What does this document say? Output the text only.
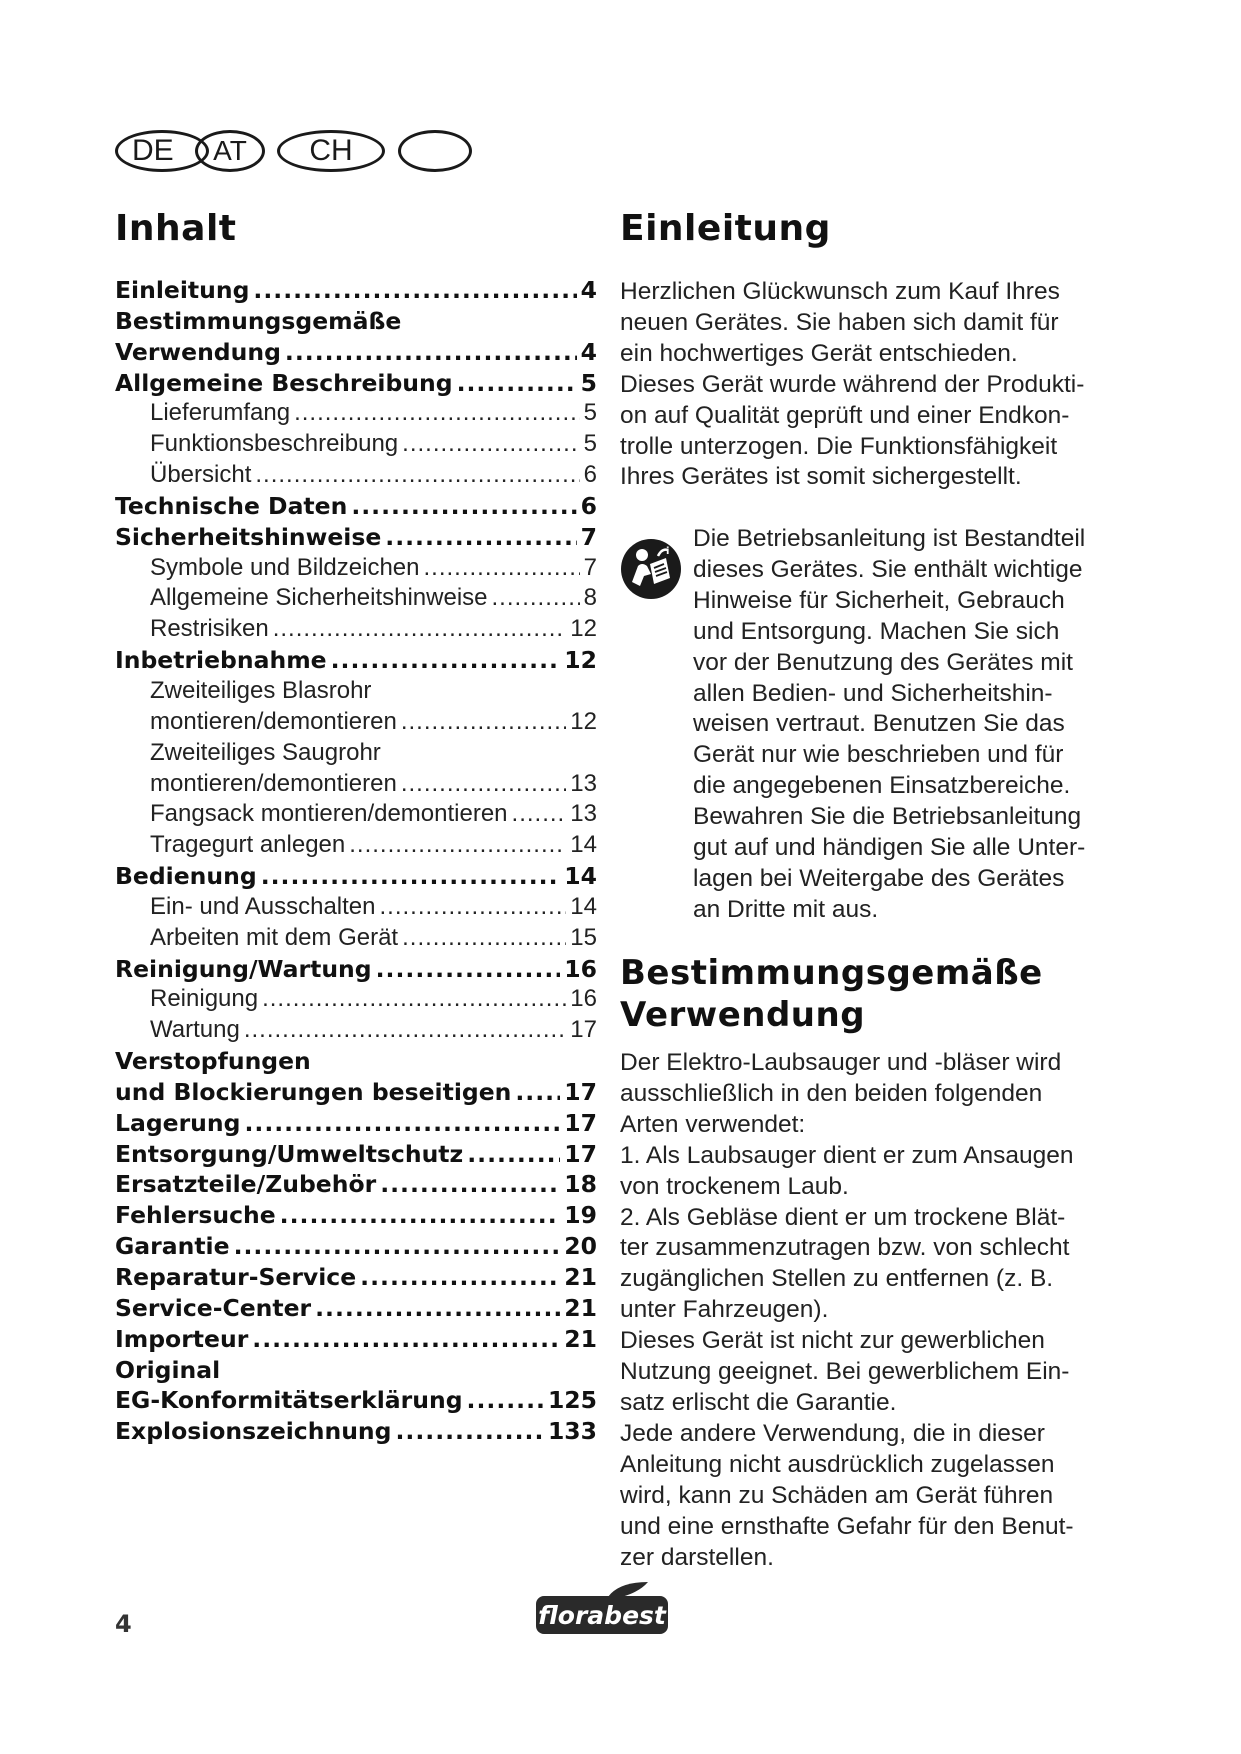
DE	AT	CH
Inhalt
Einleitung .....	4
Bestimmungsgemäße
Verwendung .....	4
Allgemeine Beschreibung .....	5
Lieferumfang .....	5
Funktionsbeschreibung .....	5
Übersicht .....	6
Technische Daten .....	6
Sicherheitshinweise .....	7
Symbole und Bildzeichen .....	7
Allgemeine Sicherheitshinweise .....	8
Restrisiken .....	12
Inbetriebnahme .....	12
Zweiteiliges Blasrohr
montieren/demontieren .....	12
Zweiteiliges Saugrohr
montieren/demontieren .....	13
Fangsack montieren/demontieren .....	13
Tragegurt anlegen .....	14
Bedienung .....	14
Ein- und Ausschalten .....	14
Arbeiten mit dem Gerät .....	15
Reinigung/Wartung .....	16
Reinigung .....	16
Wartung .....	17
Verstopfungen
und Blockierungen beseitigen ..... 17
Lagerung .....	17
Entsorgung/Umweltschutz .....	17
Ersatzteile/Zubehör .....	18
Fehlersuche .....	19
Garantie .....	20
Reparatur-Service .....	21
Service-Center .....	21
Importeur .....	21
Original
EG-Konformitätserklärung .....	125
Explosionszeichnung .....	133
Einleitung

Herzlichen Glückwunsch zum Kauf Ihres
neuen Gerätes. Sie haben sich damit für
ein hochwertiges Gerät entschieden.
Dieses Gerät wurde während der Produkti-
on auf Qualität geprüft und einer Endkon-
trolle unterzogen. Die Funktionsfähigkeit
Ihres Gerätes ist somit sichergestellt.

i Die Betriebsanleitung ist Bestandteil
dieses Gerätes. Sie enthält wichtige
Hinweise für Sicherheit, Gebrauch
und Entsorgung. Machen Sie sich
vor der Benutzung des Gerätes mit
allen Bedien- und Sicherheitshin-
weisen vertraut. Benutzen Sie das
Gerät nur wie beschrieben und für
die angegebenen Einsatzbereiche.
Bewahren Sie die Betriebsanleitung
gut auf und händigen Sie alle Unter-
lagen bei Weitergabe des Gerätes
an Dritte mit aus.

Bestimmungsgemäße
Verwendung

Der Elektro-Laubsauger und -bläser wird
ausschließlich in den beiden folgenden
Arten verwendet:
1. Als Laubsauger dient er zum Ansaugen
von trockenem Laub.
2. Als Gebläse dient er um trockene Blät-
ter zusammenzutragen bzw. von schlecht
zugänglichen Stellen zu entfernen (z. B.
unter Fahrzeugen).
Dieses Gerät ist nicht zur gewerblichen
Nutzung geeignet. Bei gewerblichem Ein-
satz erlischt die Garantie.
Jede andere Verwendung, die in dieser
Anleitung nicht ausdrücklich zugelassen
wird, kann zu Schäden am Gerät führen
und eine ernsthafte Gefahr für den Benut-
zer darstellen.

4	florabest
